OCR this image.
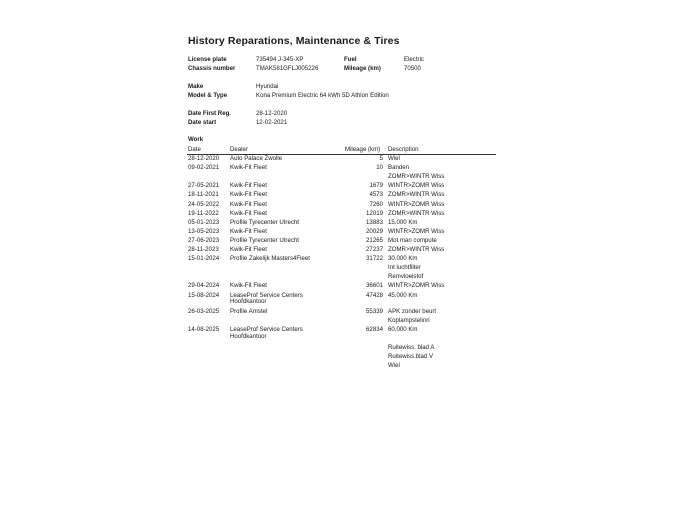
History Reparations, Maintenance & Tires
License plate	735494 J-345-XP	Fuel	Electric
Chassis number	TMAK581GFLJ005226	Mileage (km)	70500
Make	Hyundai
Model & Type	Kona Premium Electric 64 kWh 5D Athlon Edition
Date First Reg.	28-12-2020
Date start	12-02-2021
Work
Date	Dealer	Mileage (km) Description
28-12-2020 Auto Palace Zwolle	5 Wiel
09-02-2021 Kwik-Fit Fleet	10 Banden
ZOMR>WINTR Wiss
27-05-2021 Kwik-Fit Fleet	1679 WINTR>ZOMR Wiss
18-11-2021 Kwik-Fit Fleet	4573 ZOMR>WINTR Wiss
24-05-2022 Kwik-Fit Fleet	7260 WINTR>ZOMR Wiss
19-11-2022 Kwik-Fit Fleet	12019 ZOMR>WINTR Wiss
05-01-2023 Profile Tyrecenter Utrecht	13883 15.000 Km
13-05-2023 Kwik-Fit Fleet	20029 WINTR>ZOMR Wiss
27-06-2023 Profile Tyrecenter Utrecht	21265 Mot man compute
28-11-2023 Kwik-Fit Fleet	27237 ZOMR>WINTR Wiss
15-01-2024 Profile Zakelijk Masters4Fleet	31722 30.000 Km
Int luchtfilter
Remvloeistof
29-04-2024 Kwik-Fit Fleet	36601 WINTR>ZOMR Wiss
15-08-2024 LeaseProf Service Centers
Hoofdkantoor
47428 45.000 Km
26-03-2025 Profile Amstel	55339 APK zonder beurt
Koplampstelinri
14-08-2025 LeaseProf Service Centers
Hoofdkantoor
62834 60.000 Km
Ruitewiss. blad A
Ruitewiss.blad V
Wiel
